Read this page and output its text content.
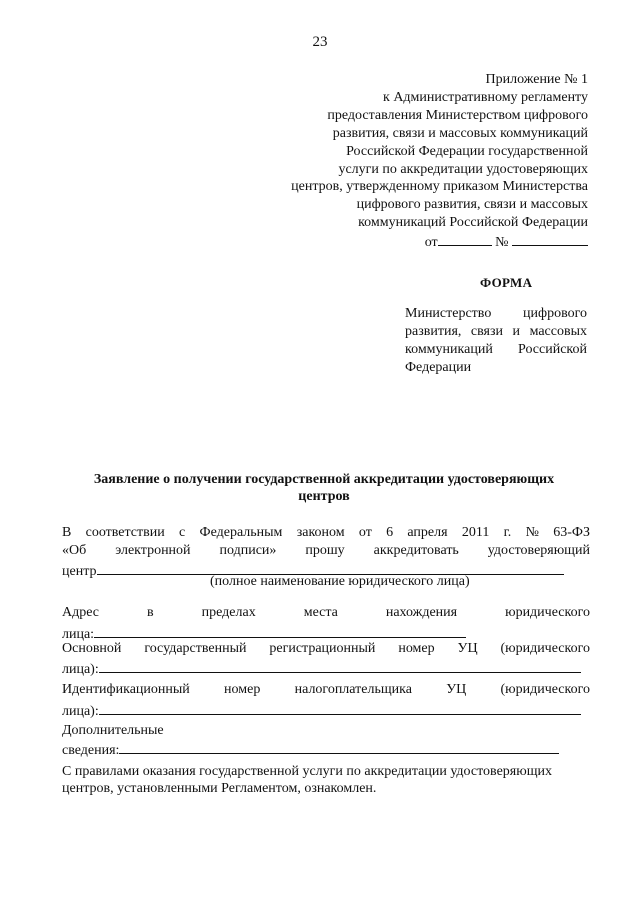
23
Приложение № 1
к Административному регламенту
предоставления Министерством цифрового
развития, связи и массовых коммуникаций
Российской Федерации государственной
услуги по аккредитации удостоверяющих
центров, утвержденному приказом Министерства
цифрового развития, связи и массовых
коммуникаций Российской Федерации
от	№
ФОРМА
Министерство цифрового
развития, связи и массовых
коммуникаций Российской
Федерации
Заявление о получении государственной аккредитации удостоверяющих центров
В соответствии с Федеральным законом от 6 апреля 2011 г. № 63-ФЗ
«Об электронной подписи» прошу аккредитовать удостоверяющий
центр
(полное наименование юридического лица)
Адрес	в	пределах	места	нахождения	юридического
лица:
Основной государственный регистрационный номер УЦ (юридического
лица):
Идентификационный номер налогоплательщика УЦ (юридического
лица):
Дополнительные
сведения:
С правилами оказания государственной услуги по аккредитации удостоверяющих
центров, установленными Регламентом, ознакомлен.
